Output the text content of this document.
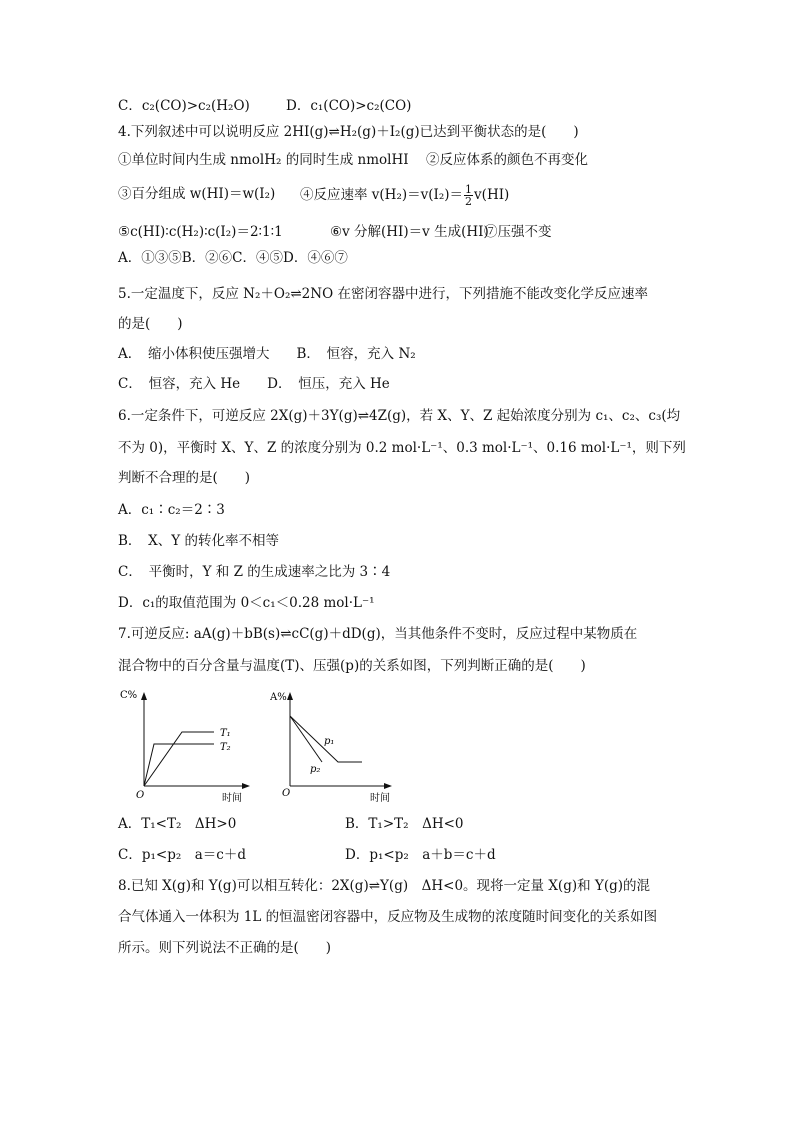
C．c₂(CO)>c₂(H₂O)	D．c₁(CO)>c₂(CO)
4.下列叙述中可以说明反应 2HI(g)⇌H₂(g)＋I₂(g)已达到平衡状态的是(　　)
①单位时间内生成 nmolH₂ 的同时生成 nmolHI ②反应体系的颜色不再变化
③百分组成 w(HI)＝w(I₂) ④反应速率 $v(H_2)=v(I_2)= \frac{1}{2} v(HI)$
⑤c(HI)∶c(H₂)∶c(I₂)＝2∶1∶1	⑥v 分解(HI)＝v 生成(HI)
⑦压强不变
A．①③⑤B．②⑥C．④⑤D．④⑥⑦
5.一定温度下，反应 N₂＋O₂⇌2NO 在密闭容器中进行，下列措施不能改变化学反应速率
的是(　　)
A．　缩小体积使压强增大　　B．　恒容，充入 N₂
C．　恒容，充入 He　　D．　恒压，充入 He
6.一定条件下，可逆反应 2X(g)＋3Y(g)⇌4Z(g)，若 X、Y、Z 起始浓度分别为 c₁、c₂、c₃(均
不为 0)，平衡时 X、Y、Z 的浓度分别为 0.2 mol·L⁻¹、0.3 mol·L⁻¹、0.16 mol·L⁻¹，则下列
判断不合理的是(　　)
A．c₁∶c₂＝2∶3
B．　X、Y 的转化率不相等
C．　平衡时，Y 和 Z 的生成速率之比为 3∶4
D．c₁的取值范围为 0＜c₁＜0.28 mol·L⁻¹
7.可逆反应: aA(g)＋bB(s)⇌cC(g)＋dD(g)，当其他条件不变时，反应过程中某物质在
混合物中的百分含量与温度(T)、压强(p)的关系如图，下列判断正确的是(　　)
C%
T₁
T₂
O	时间
A%
p₁
p₂
O	时间
A．T₁<T₂　ΔH>0	B．T₁>T₂　ΔH<0
C．p₁<p₂　a＝c＋d	D．p₁<p₂　a＋b＝c＋d
8.已知 X(g)和 Y(g)可以相互转化：2X(g)⇌Y(g)　ΔH<0。现将一定量 X(g)和 Y(g)的混
合气体通入一体积为 1L 的恒温密闭容器中，反应物及生成物的浓度随时间变化的关系如图
所示。则下列说法不正确的是(　　)
